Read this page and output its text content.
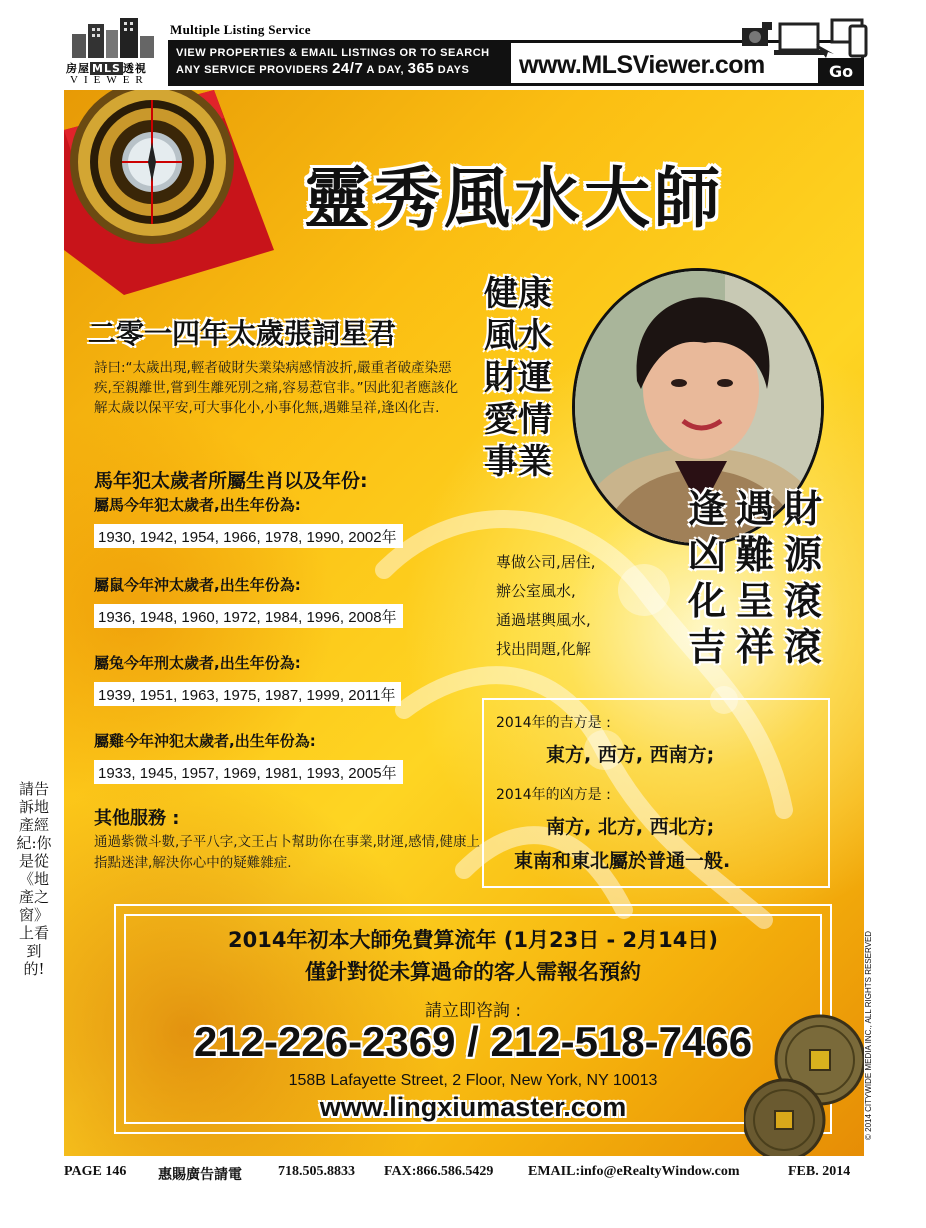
房屋 MLS 透視
VIEWER
Multiple Listing Service
VIEW PROPERTIES & EMAIL LISTINGS OR TO SEARCH
ANY SERVICE PROVIDERS 24/7 A DAY, 365 DAYS	www.MLSViewer.com	Go
靈秀風水大師
健康
風水
財運
愛情
事業
財源滾滾
遇難呈祥
逢凶化吉
二零一四年太歲張詞星君
詩曰:“太歲出現,輕者破財失業染病感情波折,嚴重者破產染惡疾,至親離世,嘗到生離死別之痛,容易惹官非。”因此犯者應該化解太歲以保平安,可大事化小,小事化無,遇難呈祥,逢凶化吉.
馬年犯太歲者所屬生肖以及年份:
屬馬今年犯太歲者,出生年份為:
1930, 1942, 1954, 1966, 1978, 1990, 2002年
屬鼠今年沖太歲者,出生年份為:
1936, 1948, 1960, 1972, 1984, 1996, 2008年
屬兔今年刑太歲者,出生年份為:
1939, 1951, 1963, 1975, 1987, 1999, 2011年
屬雞今年沖犯太歲者,出生年份為:
1933, 1945, 1957, 1969, 1981, 1993, 2005年
其他服務 :
通過紫微斗數,子平八字,文王占卜幫助你在事業,財運,感情,健康上指點迷津,解決你心中的疑難雜症.
專做公司,居住,
辦公室風水,
通過堪輿風水,
找出問題,化解
2014年的吉方是 :
東方, 西方, 西南方;
2014年的凶方是 :
南方, 北方, 西北方;
東南和東北屬於普通一般.
2014年初本大師免費算流年 (1月23日 - 2月14日)
僅針對從未算過命的客人需報名預約
請立即咨詢 :
212-226-2369 / 212-518-7466
158B Lafayette Street, 2 Floor, New York, NY 10013
www.lingxiumaster.com
請告訴地產經紀:你是從《地產之窗》上看到的!	© 2014 CITYWIDE MEDIA INC., ALL RIGHTS RESERVED
PAGE 146 惠賜廣告請電	718.505.8833 FAX:866.586.5429 EMAIL:info@eRealtyWindow.com	FEB. 2014
